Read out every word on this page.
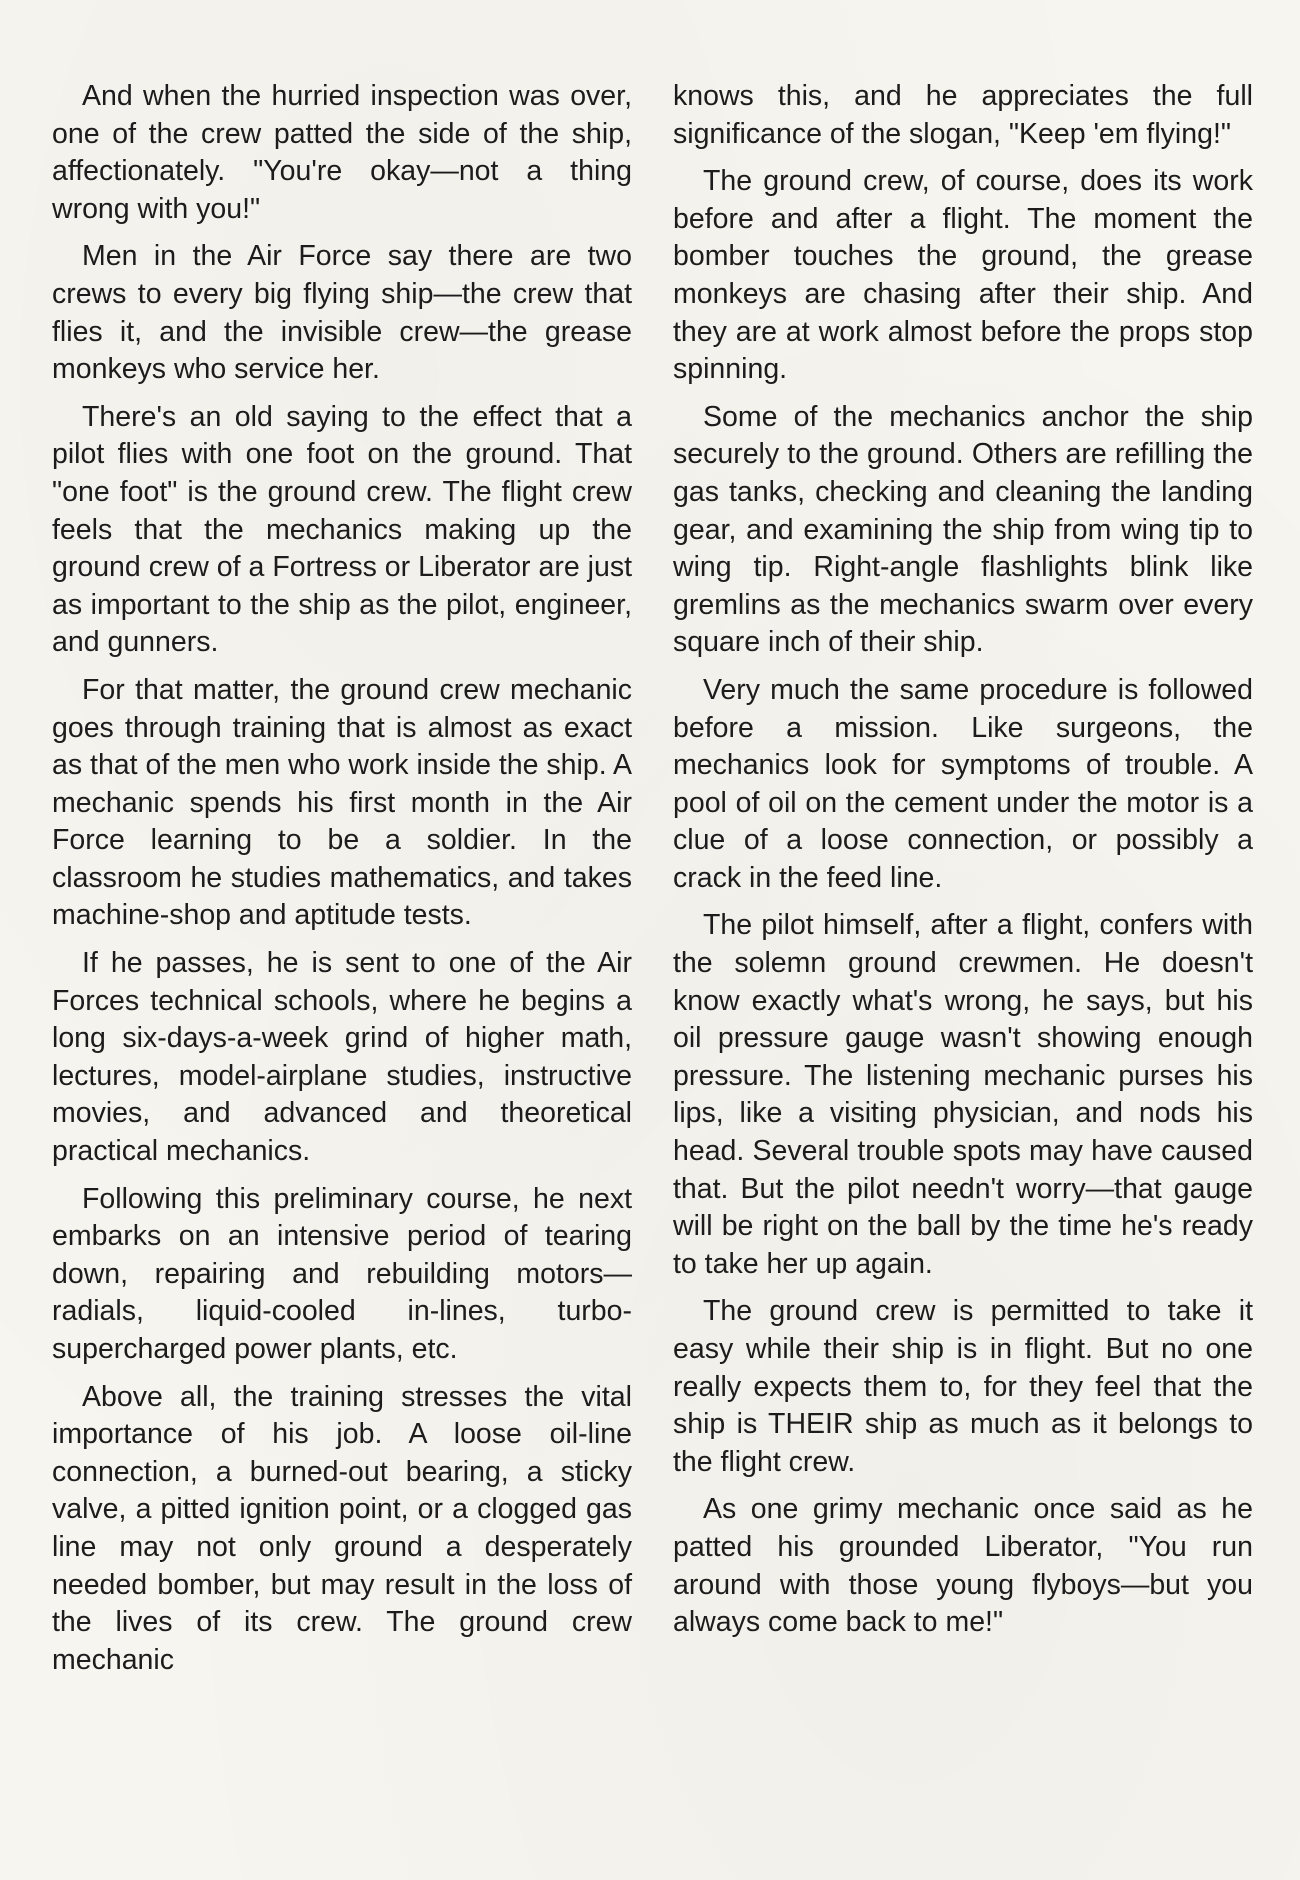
And when the hurried inspection was over, one of the crew patted the side of the ship, affectionately. "You're okay—not a thing wrong with you!"

Men in the Air Force say there are two crews to every big flying ship—the crew that flies it, and the invisible crew—the grease monkeys who service her.

There's an old saying to the effect that a pilot flies with one foot on the ground. That "one foot" is the ground crew. The flight crew feels that the mechanics making up the ground crew of a Fortress or Liberator are just as important to the ship as the pilot, engineer, and gunners.

For that matter, the ground crew mechanic goes through training that is almost as exact as that of the men who work inside the ship. A mechanic spends his first month in the Air Force learning to be a soldier. In the classroom he studies mathematics, and takes machine-shop and aptitude tests.

If he passes, he is sent to one of the Air Forces technical schools, where he begins a long six-days-a-week grind of higher math, lectures, model-airplane studies, instructive movies, and advanced and theoretical practical mechanics.

Following this preliminary course, he next embarks on an intensive period of tearing down, repairing and rebuilding motors—radials, liquid-cooled in-lines, turbo-supercharged power plants, etc.

Above all, the training stresses the vital importance of his job. A loose oil-line connection, a burned-out bearing, a sticky valve, a pitted ignition point, or a clogged gas line may not only ground a desperately needed bomber, but may result in the loss of the lives of its crew. The ground crew mechanic

knows this, and he appreciates the full significance of the slogan, "Keep 'em flying!"

The ground crew, of course, does its work before and after a flight. The moment the bomber touches the ground, the grease monkeys are chasing after their ship. And they are at work almost before the props stop spinning.

Some of the mechanics anchor the ship securely to the ground. Others are refilling the gas tanks, checking and cleaning the landing gear, and examining the ship from wing tip to wing tip. Right-angle flashlights blink like gremlins as the mechanics swarm over every square inch of their ship.

Very much the same procedure is followed before a mission. Like surgeons, the mechanics look for symptoms of trouble. A pool of oil on the cement under the motor is a clue of a loose connection, or possibly a crack in the feed line.

The pilot himself, after a flight, confers with the solemn ground crewmen. He doesn't know exactly what's wrong, he says, but his oil pressure gauge wasn't showing enough pressure. The listening mechanic purses his lips, like a visiting physician, and nods his head. Several trouble spots may have caused that. But the pilot needn't worry—that gauge will be right on the ball by the time he's ready to take her up again.

The ground crew is permitted to take it easy while their ship is in flight. But no one really expects them to, for they feel that the ship is THEIR ship as much as it belongs to the flight crew.

As one grimy mechanic once said as he patted his grounded Liberator, "You run around with those young flyboys—but you always come back to me!"
